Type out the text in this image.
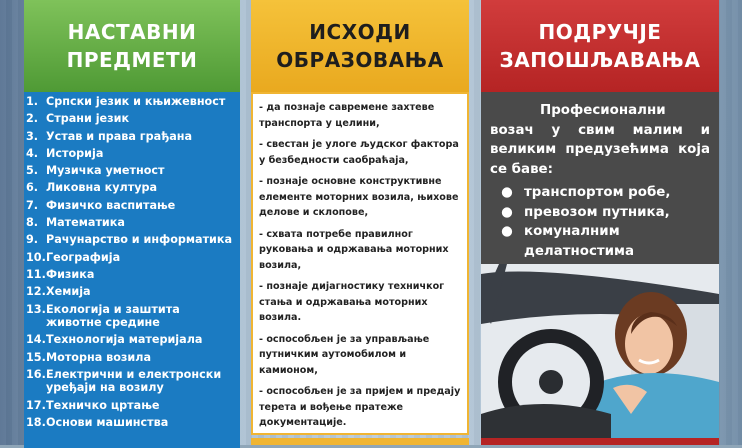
НАСТАВНИ
ПРЕДМЕТИ
1. Српски језик и књижевност
2. Страни језик
3. Устав и права грађана
4. Историја
5. Музичка уметност
6. Ликовна култура
7. Физичко васпитање
8. Математика
9. Рачунарство и информатика
10. Географија
11. Физика
12. Хемија
13. Екологија и заштита животне средине
14. Технологија материјала
15. Моторна возила
16. Електрични и електронски уређаји на возилу
17. Техничко цртање
18. Основи машинства
ИСХОДИ
ОБРАЗОВАЊА
- да познаје савремене захтеве транспорта у целини,
- свестан је улоге људског фактора у безбедности саобраћаја,
- познаје основне конструктивне елементе моторних возила, њихове делове и склопове,
- схвата потребе правилног руковања и одржавања моторних возила,
- познаје дијагностику техничког стања и одржавања моторних возила.
- оспособљен је за управљање путничким аутомобилом и камионом,
- оспособљен је за пријем и предају терета и вођење пратеже документације.
ПОДРУЧЈЕ
ЗАПОШЉАВАЊА
Професионални возач у свим малим и великим предузећима која се баве:
● транспортом робе,
● превозом путника,
● комуналним делатностима
